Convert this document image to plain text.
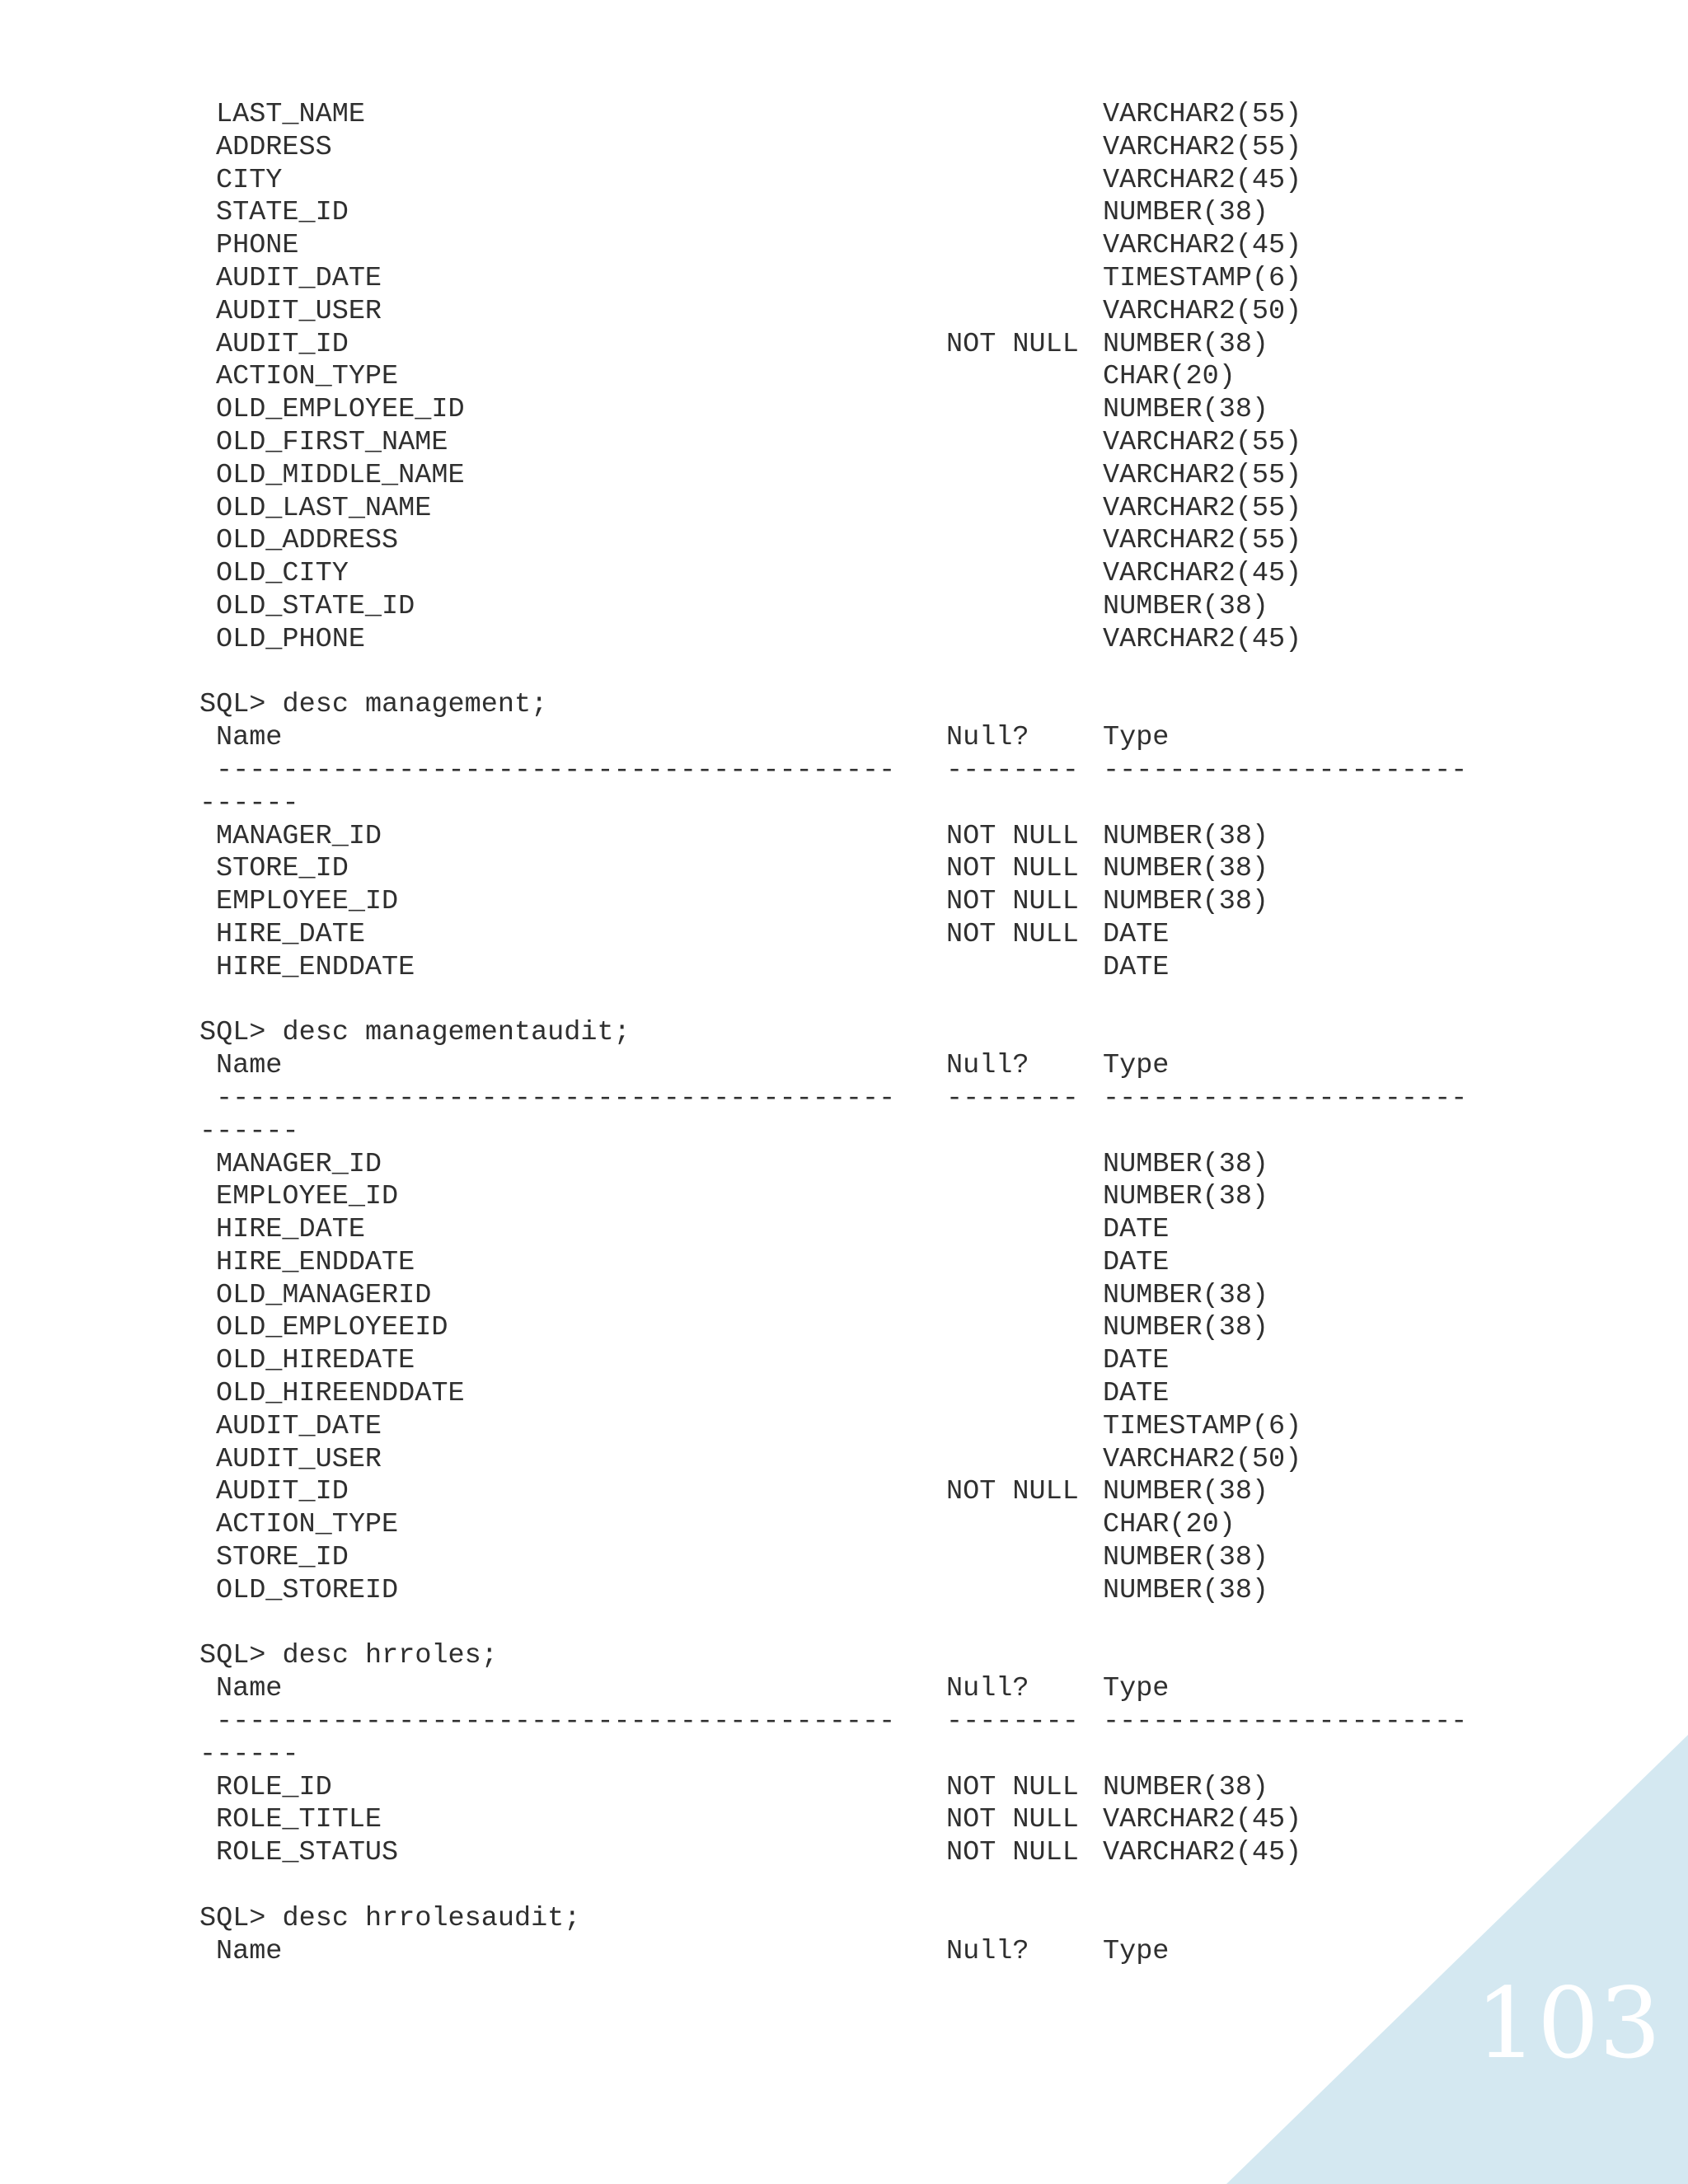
LAST_NAME	VARCHAR2(55)
ADDRESS	VARCHAR2(55)
CITY	VARCHAR2(45)
STATE_ID	NUMBER(38)
PHONE	VARCHAR2(45)
AUDIT_DATE	TIMESTAMP(6)
AUDIT_USER	VARCHAR2(50)
AUDIT_ID	NOT NULL NUMBER(38)
ACTION_TYPE	CHAR(20)
OLD_EMPLOYEE_ID	NUMBER(38)
OLD_FIRST_NAME	VARCHAR2(55)
OLD_MIDDLE_NAME	VARCHAR2(55)
OLD_LAST_NAME	VARCHAR2(55)
OLD_ADDRESS	VARCHAR2(55)
OLD_CITY	VARCHAR2(45)
OLD_STATE_ID	NUMBER(38)
OLD_PHONE	VARCHAR2(45)
SQL> desc management;
Name	Null?	Type
----------------------------------------- -------- ----------------------
------
MANAGER_ID	NOT NULL NUMBER(38)
STORE_ID	NOT NULL NUMBER(38)
EMPLOYEE_ID	NOT NULL NUMBER(38)
HIRE_DATE	NOT NULL DATE
HIRE_ENDDATE	DATE
SQL> desc managementaudit;
Name	Null?	Type
----------------------------------------- -------- ----------------------
------
MANAGER_ID	NUMBER(38)
EMPLOYEE_ID	NUMBER(38)
HIRE_DATE	DATE
HIRE_ENDDATE	DATE
OLD_MANAGERID	NUMBER(38)
OLD_EMPLOYEEID	NUMBER(38)
OLD_HIREDATE	DATE
OLD_HIREENDDATE	DATE
AUDIT_DATE	TIMESTAMP(6)
AUDIT_USER	VARCHAR2(50)
AUDIT_ID	NOT NULL NUMBER(38)
ACTION_TYPE	CHAR(20)
STORE_ID	NUMBER(38)
OLD_STOREID	NUMBER(38)
SQL> desc hrroles;
Name	Null?	Type
----------------------------------------- -------- ----------------------
------
ROLE_ID	NOT NULL NUMBER(38)
ROLE_TITLE	NOT NULL VARCHAR2(45)
ROLE_STATUS	NOT NULL VARCHAR2(45)
SQL> desc hrrolesaudit;
Name	Null?	Type
103
